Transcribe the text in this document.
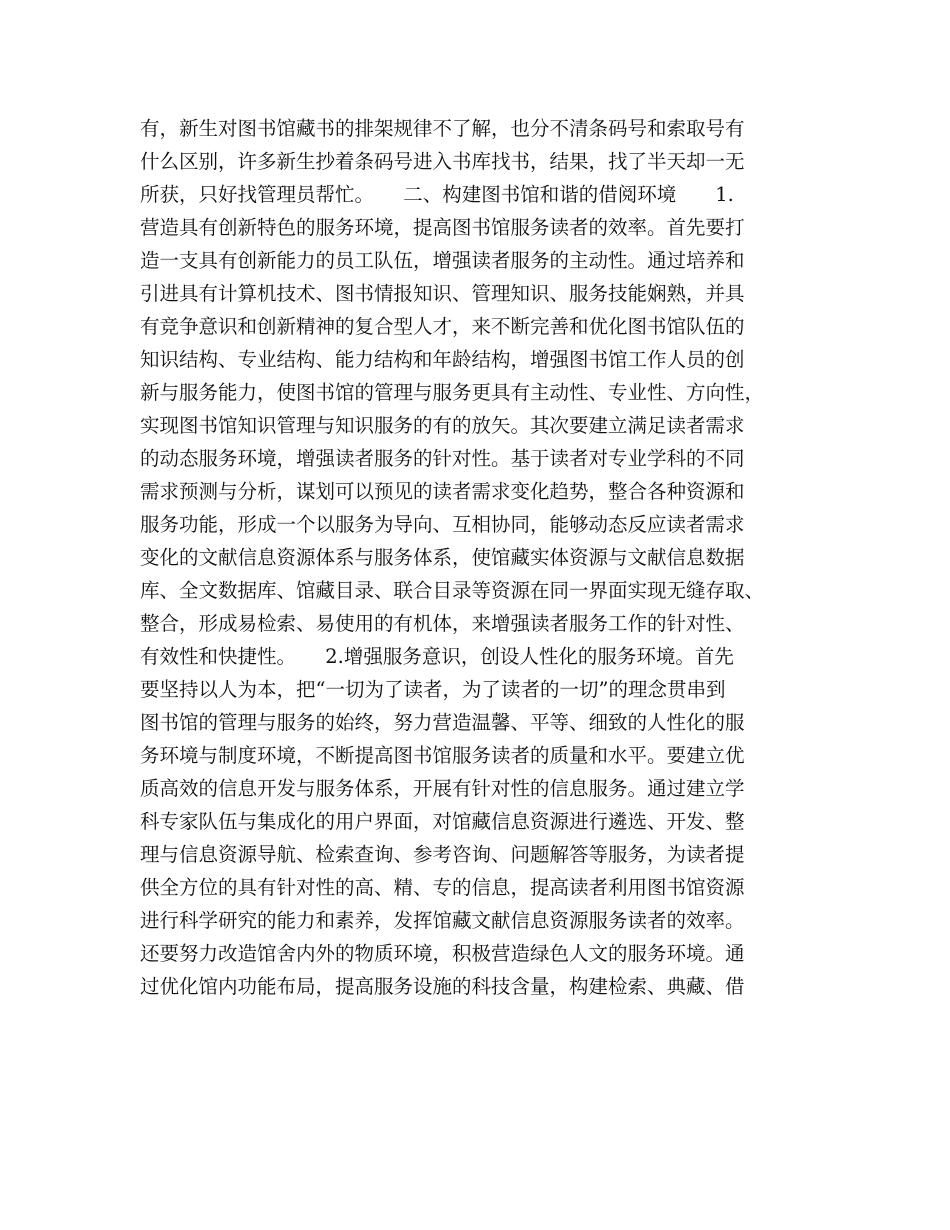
有，新生对图书馆藏书的排架规律不了解，也分不清条码号和索取号有
什么区别，许多新生抄着条码号进入书库找书，结果，找了半天却一无
所获，只好找管理员帮忙。　　二、构建图书馆和谐的借阅环境　　1.
营造具有创新特色的服务环境，提高图书馆服务读者的效率。首先要打
造一支具有创新能力的员工队伍，增强读者服务的主动性。通过培养和
引进具有计算机技术、图书情报知识、管理知识、服务技能娴熟，并具
有竞争意识和创新精神的复合型人才，来不断完善和优化图书馆队伍的
知识结构、专业结构、能力结构和年龄结构，增强图书馆工作人员的创
新与服务能力，使图书馆的管理与服务更具有主动性、专业性、方向性，
实现图书馆知识管理与知识服务的有的放矢。其次要建立满足读者需求
的动态服务环境，增强读者服务的针对性。基于读者对专业学科的不同
需求预测与分析，谋划可以预见的读者需求变化趋势，整合各种资源和
服务功能，形成一个以服务为导向、互相协同，能够动态反应读者需求
变化的文献信息资源体系与服务体系，使馆藏实体资源与文献信息数据
库、全文数据库、馆藏目录、联合目录等资源在同一界面实现无缝存取、
整合，形成易检索、易使用的有机体，来增强读者服务工作的针对性、
有效性和快捷性。　　2.增强服务意识，创设人性化的服务环境。首先
要坚持以人为本，把“一切为了读者，为了读者的一切”的理念贯串到
图书馆的管理与服务的始终，努力营造温馨、平等、细致的人性化的服
务环境与制度环境，不断提高图书馆服务读者的质量和水平。要建立优
质高效的信息开发与服务体系，开展有针对性的信息服务。通过建立学
科专家队伍与集成化的用户界面，对馆藏信息资源进行遴选、开发、整
理与信息资源导航、检索查询、参考咨询、问题解答等服务，为读者提
供全方位的具有针对性的高、精、专的信息，提高读者利用图书馆资源
进行科学研究的能力和素养，发挥馆藏文献信息资源服务读者的效率。
还要努力改造馆舍内外的物质环境，积极营造绿色人文的服务环境。通
过优化馆内功能布局，提高服务设施的科技含量，构建检索、典藏、借
